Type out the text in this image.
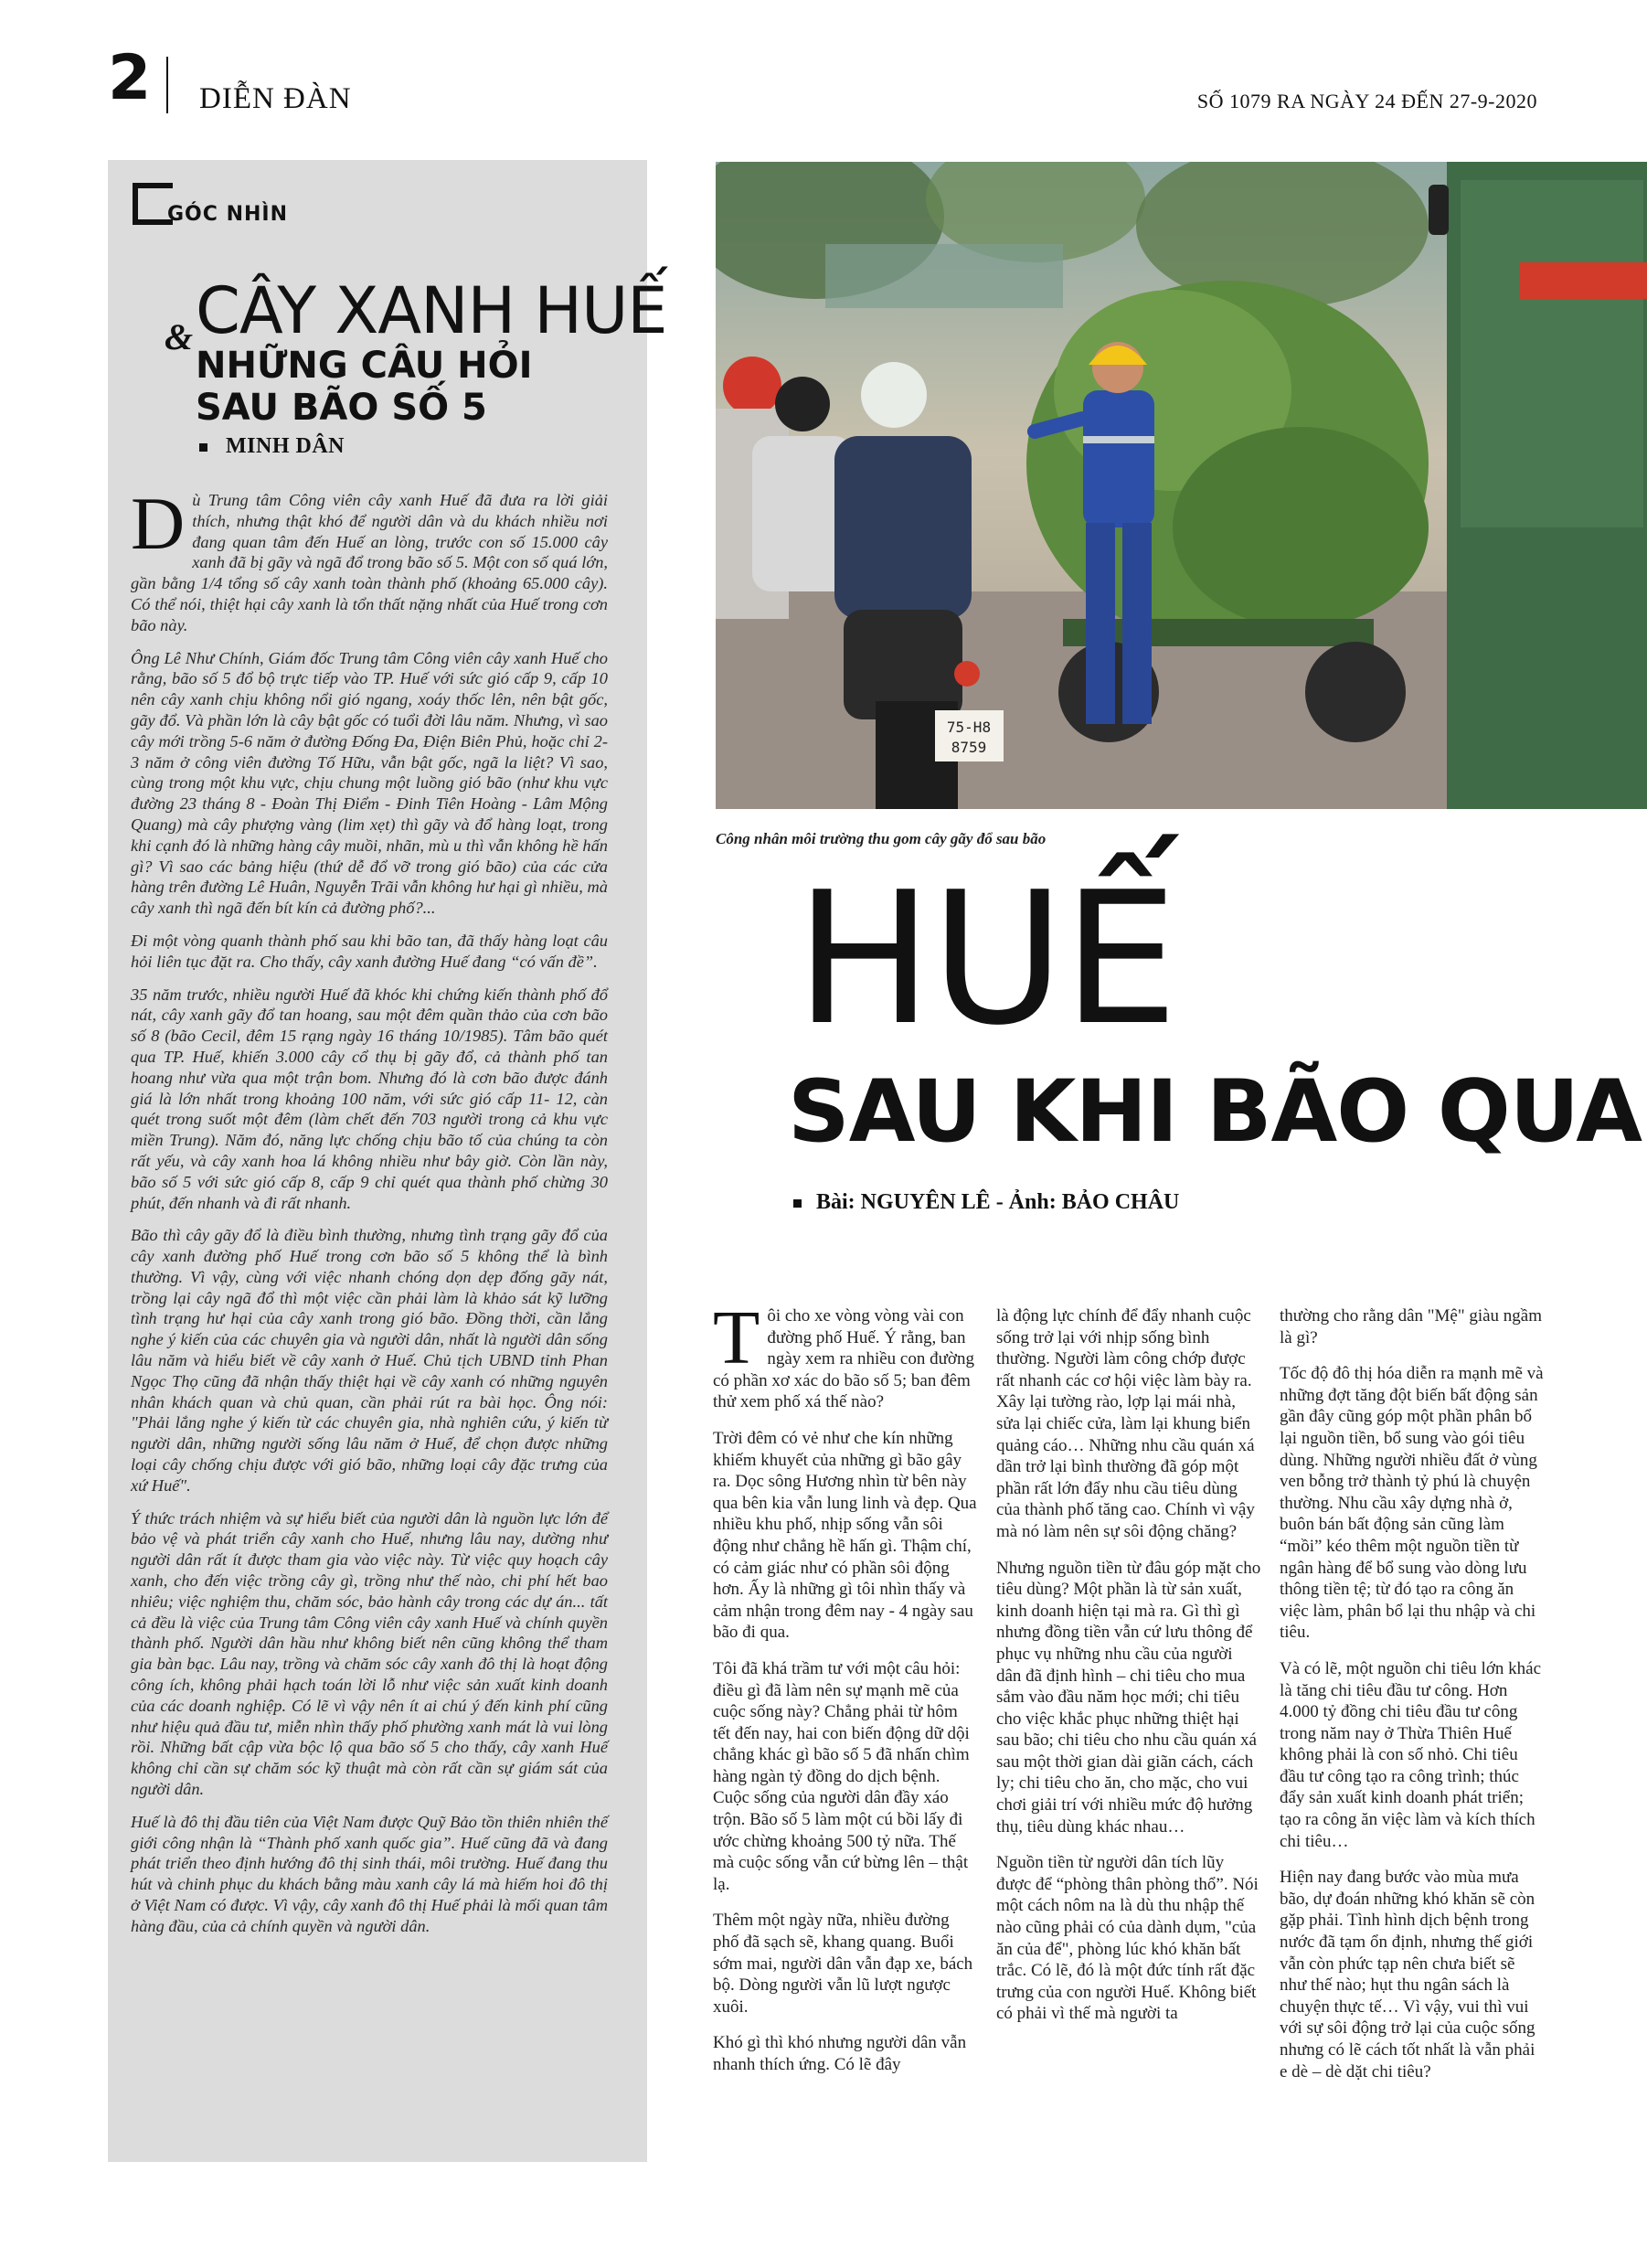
2 DIỄN ĐÀN	SỐ 1079 RA NGÀY 24 ĐẾN 27-9-2020
GÓC NHÌN
& CÂY XANH HUẾ
NHỮNG CÂU HỎI
SAU BÃO SỐ 5
MINH DÂN

Dù Trung tâm Công viên cây xanh Huế đã đưa ra lời giải thích, nhưng thật khó để người dân và du khách nhiều nơi đang quan tâm đến Huế an lòng, trước con số 15.000 cây xanh đã bị gãy và ngã đổ trong bão số 5. Một con số quá lớn, gần bằng 1/4 tổng số cây xanh toàn thành phố (khoảng 65.000 cây). Có thể nói, thiệt hại cây xanh là tổn thất nặng nhất của Huế trong cơn bão này.

Ông Lê Như Chính, Giám đốc Trung tâm Công viên cây xanh Huế cho rằng, bão số 5 đổ bộ trực tiếp vào TP. Huế với sức gió cấp 9, cấp 10 nên cây xanh chịu không nổi gió ngang, xoáy thốc lên, nên bật gốc, gãy đổ. Và phần lớn là cây bật gốc có tuổi đời lâu năm. Nhưng, vì sao cây mới trồng 5-6 năm ở đường Đống Đa, Điện Biên Phủ, hoặc chỉ 2-3 năm ở công viên đường Tố Hữu, vẫn bật gốc, ngã la liệt? Vì sao, cùng trong một khu vực, chịu chung một luồng gió bão (như khu vực đường 23 tháng 8 - Đoàn Thị Điểm - Đinh Tiên Hoàng - Lâm Mộng Quang) mà cây phượng vàng (lim xẹt) thì gãy và đổ hàng loạt, trong khi cạnh đó là những hàng cây muồi, nhãn, mù u thì vẫn không hề hấn gì? Vì sao các bảng hiệu (thứ dễ đổ vỡ trong gió bão) của các cửa hàng trên đường Lê Huân, Nguyễn Trãi vẫn không hư hại gì nhiều, mà cây xanh thì ngã đến bít kín cả đường phố?...

Đi một vòng quanh thành phố sau khi bão tan, đã thấy hàng loạt câu hỏi liên tục đặt ra. Cho thấy, cây xanh đường Huế đang “có vấn đề”.

35 năm trước, nhiều người Huế đã khóc khi chứng kiến thành phố đổ nát, cây xanh gãy đổ tan hoang, sau một đêm quần thảo của cơn bão số 8 (bão Cecil, đêm 15 rạng ngày 16 tháng 10/1985). Tâm bão quét qua TP. Huế, khiến 3.000 cây cổ thụ bị gãy đổ, cả thành phố tan hoang như vừa qua một trận bom. Nhưng đó là cơn bão được đánh giá là lớn nhất trong khoảng 100 năm, với sức gió cấp 11- 12, càn quét trong suốt một đêm (làm chết đến 703 người trong cả khu vực miền Trung). Năm đó, năng lực chống chịu bão tố của chúng ta còn rất yếu, và cây xanh hoa lá không nhiều như bây giờ. Còn lần này, bão số 5 với sức gió cấp 8, cấp 9 chỉ quét qua thành phố chừng 30 phút, đến nhanh và đi rất nhanh.

Bão thì cây gãy đổ là điều bình thường, nhưng tình trạng gãy đổ của cây xanh đường phố Huế trong cơn bão số 5 không thể là bình thường. Vì vậy, cùng với việc nhanh chóng dọn dẹp đống gãy nát, trồng lại cây ngã đổ thì một việc cần phải làm là khảo sát kỹ lưỡng tình trạng hư hại của cây xanh trong gió bão. Đồng thời, cần lắng nghe ý kiến của các chuyên gia và người dân, nhất là người dân sống lâu năm và hiểu biết về cây xanh ở Huế. Chủ tịch UBND tỉnh Phan Ngọc Thọ cũng đã nhận thấy thiệt hại về cây xanh có những nguyên nhân khách quan và chủ quan, cần phải rút ra bài học. Ông nói: "Phải lắng nghe ý kiến từ các chuyên gia, nhà nghiên cứu, ý kiến từ người dân, những người sống lâu năm ở Huế, để chọn được những loại cây chống chịu được với gió bão, những loại cây đặc trưng của xứ Huế".

Ý thức trách nhiệm và sự hiểu biết của người dân là nguồn lực lớn để bảo vệ và phát triển cây xanh cho Huế, nhưng lâu nay, dường như người dân rất ít được tham gia vào việc này. Từ việc quy hoạch cây xanh, cho đến việc trồng cây gì, trồng như thế nào, chi phí hết bao nhiêu; việc nghiệm thu, chăm sóc, bảo hành cây trong các dự án... tất cả đều là việc của Trung tâm Công viên cây xanh Huế và chính quyền thành phố. Người dân hầu như không biết nên cũng không thể tham gia bàn bạc. Lâu nay, trồng và chăm sóc cây xanh đô thị là hoạt động công ích, không phải hạch toán lời lỗ như việc sản xuất kinh doanh của các doanh nghiệp. Có lẽ vì vậy nên ít ai chú ý đến kinh phí cũng như hiệu quả đầu tư, miễn nhìn thấy phố phường xanh mát là vui lòng rồi. Những bất cập vừa bộc lộ qua bão số 5 cho thấy, cây xanh Huế không chỉ cần sự chăm sóc kỹ thuật mà còn rất cần sự giám sát của người dân.

Huế là đô thị đầu tiên của Việt Nam được Quỹ Bảo tồn thiên nhiên thế giới công nhận là “Thành phố xanh quốc gia”. Huế cũng đã và đang phát triển theo định hướng đô thị sinh thái, môi trường. Huế đang thu hút và chinh phục du khách bằng màu xanh cây lá mà hiếm hoi đô thị ở Việt Nam có được. Vì vậy, cây xanh đô thị Huế phải là mối quan tâm hàng đầu, của cả chính quyền và người dân.

75-H8
8759
Công nhân môi trường thu gom cây gãy đổ sau bão
HUẾ
SAU KHI BÃO QUA
Bài: NGUYÊN LÊ - Ảnh: BẢO CHÂU

Tôi cho xe vòng vòng vài con đường phố Huế. Ý rằng, ban ngày xem ra nhiều con đường có phần xơ xác do bão số 5; ban đêm thử xem phố xá thế nào?

Trời đêm có vẻ như che kín những khiếm khuyết của những gì bão gây ra. Dọc sông Hương nhìn từ bên này qua bên kia vẫn lung linh và đẹp. Qua nhiều khu phố, nhịp sống vẫn sôi động như chẳng hề hấn gì. Thậm chí, có cảm giác như có phần sôi động hơn. Ấy là những gì tôi nhìn thấy và cảm nhận trong đêm nay - 4 ngày sau bão đi qua.

Tôi đã khá trầm tư với một câu hỏi: điều gì đã làm nên sự mạnh mẽ của cuộc sống này? Chẳng phải từ hôm tết đến nay, hai con biến động dữ dội chẳng khác gì bão số 5 đã nhấn chìm hàng ngàn tỷ đồng do dịch bệnh. Cuộc sống của người dân đầy xáo trộn. Bão số 5 làm một cú bồi lấy đi ước chừng khoảng 500 tỷ nữa. Thế mà cuộc sống vẫn cứ bừng lên – thật lạ.

Thêm một ngày nữa, nhiều đường phố đã sạch sẽ, khang quang. Buổi sớm mai, người dân vẫn đạp xe, bách bộ. Dòng người vẫn lũ lượt ngược xuôi.

Khó gì thì khó nhưng người dân vẫn nhanh thích ứng. Có lẽ đây

là động lực chính để đẩy nhanh cuộc sống trở lại với nhịp sống bình thường. Người làm công chớp được rất nhanh các cơ hội việc làm bày ra. Xây lại tường rào, lợp lại mái nhà, sửa lại chiếc cửa, làm lại khung biển quảng cáo… Những nhu cầu quán xá dần trở lại bình thường đã góp một phần rất lớn đẩy nhu cầu tiêu dùng của thành phố tăng cao. Chính vì vậy mà nó làm nên sự sôi động chăng?

Nhưng nguồn tiền từ đâu góp mặt cho tiêu dùng? Một phần là từ sản xuất, kinh doanh hiện tại mà ra. Gì thì gì nhưng đồng tiền vẫn cứ lưu thông để phục vụ những nhu cầu của người dân đã định hình – chi tiêu cho mua sắm vào đầu năm học mới; chi tiêu cho việc khắc phục những thiệt hại sau bão; chi tiêu cho nhu cầu quán xá sau một thời gian dài giãn cách, cách ly; chi tiêu cho ăn, cho mặc, cho vui chơi giải trí với nhiều mức độ hưởng thụ, tiêu dùng khác nhau…

Nguồn tiền từ người dân tích lũy được để “phòng thân phòng thổ”. Nói một cách nôm na là dù thu nhập thế nào cũng phải có của dành dụm, "của ăn của để", phòng lúc khó khăn bất trắc. Có lẽ, đó là một đức tính rất đặc trưng của con người Huế. Không biết có phải vì thế mà người ta

thường cho rằng dân "Mệ" giàu ngầm là gì?

Tốc độ đô thị hóa diễn ra mạnh mẽ và những đợt tăng đột biến bất động sản gần đây cũng góp một phần phân bổ lại nguồn tiền, bổ sung vào gói tiêu dùng. Những người nhiều đất ở vùng ven bỗng trở thành tỷ phú là chuyện thường. Nhu cầu xây dựng nhà ở, buôn bán bất động sản cũng làm “mồi” kéo thêm một nguồn tiền từ ngân hàng để bổ sung vào dòng lưu thông tiền tệ; từ đó tạo ra công ăn việc làm, phân bổ lại thu nhập và chi tiêu.

Và có lẽ, một nguồn chi tiêu lớn khác là tăng chi tiêu đầu tư công. Hơn 4.000 tỷ đồng chi tiêu đầu tư công trong năm nay ở Thừa Thiên Huế không phải là con số nhỏ. Chi tiêu đầu tư công tạo ra công trình; thúc đẩy sản xuất kinh doanh phát triển; tạo ra công ăn việc làm và kích thích chi tiêu…

Hiện nay đang bước vào mùa mưa bão, dự đoán những khó khăn sẽ còn gặp phải. Tình hình dịch bệnh trong nước đã tạm ổn định, nhưng thế giới vẫn còn phức tạp nên chưa biết sẽ như thế nào; hụt thu ngân sách là chuyện thực tế… Vì vậy, vui thì vui với sự sôi động trở lại của cuộc sống nhưng có lẽ cách tốt nhất là vẫn phải e dè – dè dặt chi tiêu?
